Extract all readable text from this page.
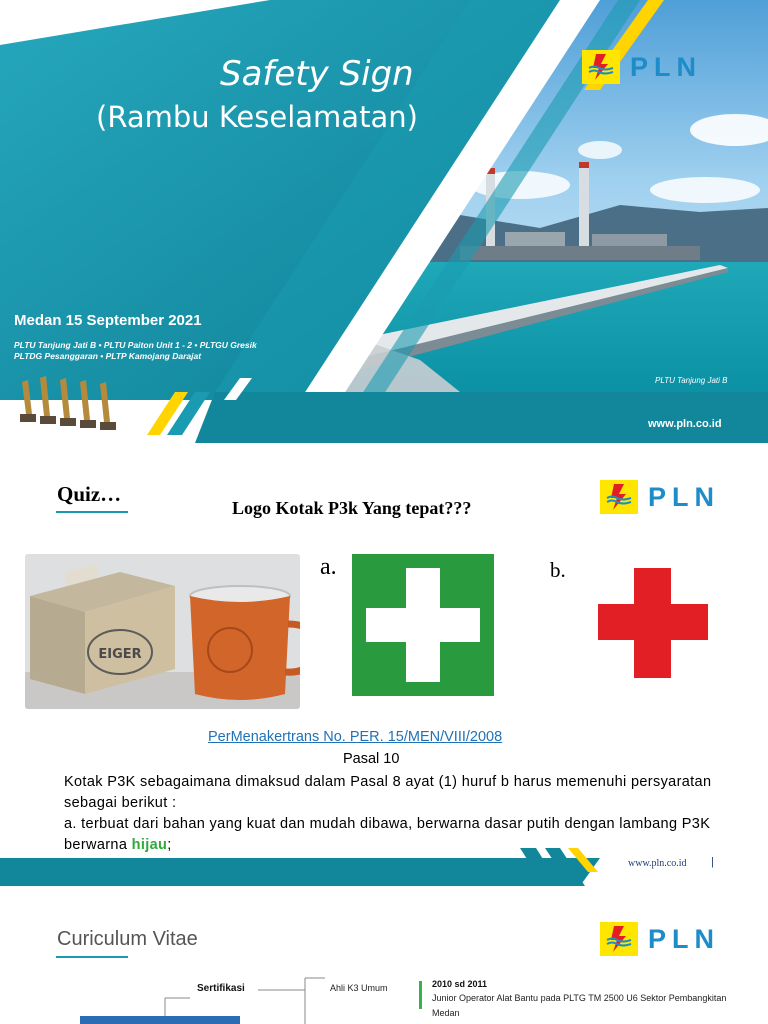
Safety Sign
(Rambu Keselamatan)
Medan 15 September 2021
PLTU Tanjung Jati B • PLTU Paiton Unit 1 - 2 • PLTGU Gresik
PLTDG Pesanggaran • PLTP Kamojang Darajat
PLTU Tanjung Jati B
www.pln.co.id
PLN
Quiz…
Logo Kotak P3k Yang tepat???	PLN
EIGER
a.	b.
PerMenakertrans No. PER. 15/MEN/VIII/2008
Pasal 10
Kotak P3K sebagaimana dimaksud dalam Pasal 8 ayat (1) huruf b harus memenuhi persyaratan sebagai berikut :
a. terbuat dari bahan yang kuat dan mudah dibawa, berwarna dasar putih dengan lambang P3K berwarna hijau;
www.pln.co.id |
Curiculum Vitae	PLN
Sertifikasi	Ahli K3 Umum	2010 sd 2011
Junior Operator Alat Bantu pada PLTG TM 2500 U6 Sektor Pembangkitan Medan
